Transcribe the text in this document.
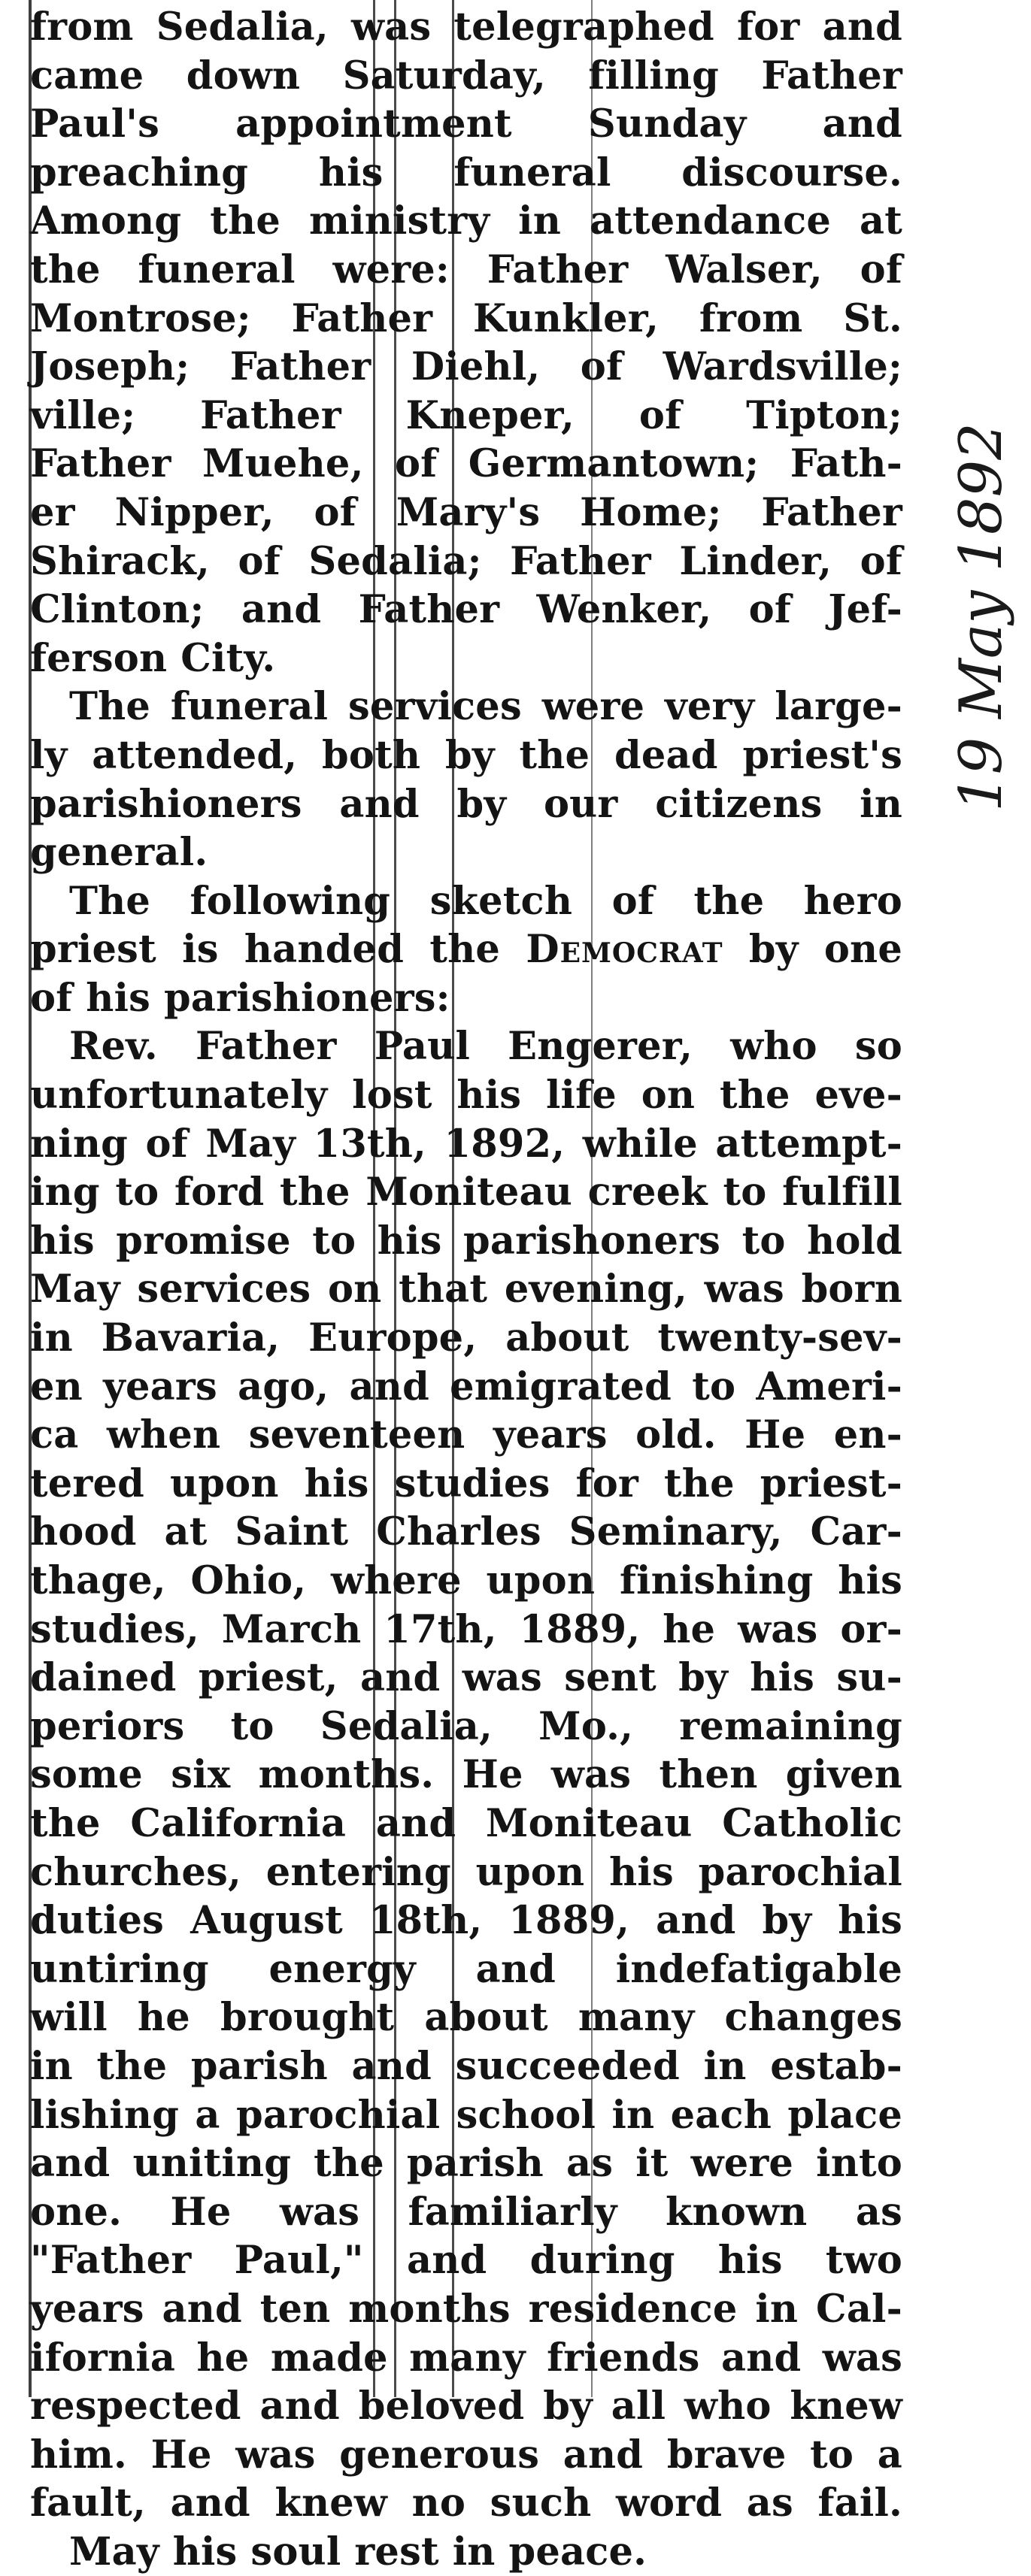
from Sedalia, was telegraphed for and
came down Saturday, filling Father
Paul's appointment Sunday and
preaching his funeral discourse.
Among the ministry in attendance at
the funeral were: Father Walser, of
Montrose; Father Kunkler, from St.
Joseph; Father Diehl, of Wardsville;
ville; Father Kneper, of Tipton;
Father Muehe, of Germantown; Fath-
er Nipper, of Mary's Home; Father
Shirack, of Sedalia; Father Linder, of
Clinton; and Father Wenker, of Jef-
ferson City.
The funeral services were very large-
ly attended, both by the dead priest's
parishioners and by our citizens in
general.
The following sketch of the hero
priest is handed the Democrat by one
of his parishioners:
Rev. Father Paul Engerer, who so
unfortunately lost his life on the eve-
ning of May 13th, 1892, while attempt-
ing to ford the Moniteau creek to fulfill
his promise to his parishoners to hold
May services on that evening, was born
in Bavaria, Europe, about twenty-sev-
en years ago, and emigrated to Ameri-
ca when seventeen years old. He en-
tered upon his studies for the priest-
hood at Saint Charles Seminary, Car-
thage, Ohio, where upon finishing his
studies, March 17th, 1889, he was or-
dained priest, and was sent by his su-
periors to Sedalia, Mo., remaining
some six months. He was then given
the California and Moniteau Catholic
churches, entering upon his parochial
duties August 18th, 1889, and by his
untiring energy and indefatigable
will he brought about many changes
in the parish and succeeded in estab-
lishing a parochial school in each place
and uniting the parish as it were into
one. He was familiarly known as
"Father Paul," and during his two
years and ten months residence in Cal-
ifornia he made many friends and was
respected and beloved by all who knew
him. He was generous and brave to a
fault, and knew no such word as fail.
May his soul rest in peace.
19 May 1892
